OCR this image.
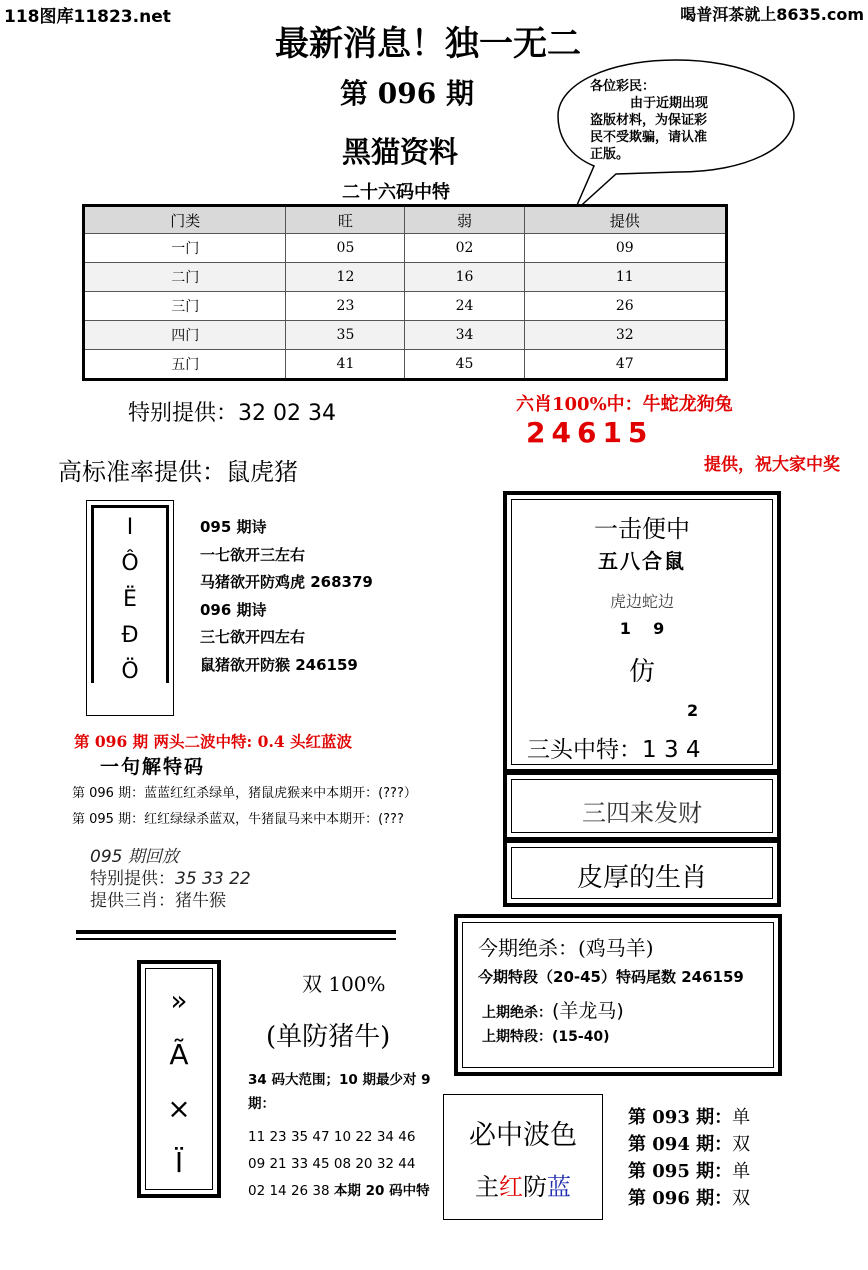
118图库11823.net	喝普洱茶就上8635.com
最新消息！独一无二
第 096 期
黑猫资料
二十六码中特
各位彩民：
由于近期出现
盗版材料，为保证彩
民不受欺骗，请认准
正版。
门类	旺	弱	提供
一门	05	02	09
二门	12	16	11
三门	23	24	26
四门	35	34	32
五门	41	45	47
特别提供：32 02 34	六肖100%中：牛蛇龙狗兔
24615
提供，祝大家中奖
高标准率提供：鼠虎猪
I
Ô
Ë
Ð
Ö
095 期诗
一七欲开三左右
马猪欲开防鸡虎 268379
096 期诗
三七欲开四左右
鼠猪欲开防猴 246159
第 096 期 两头二波中特: 0.4 头红蓝波
一句解特码
第 096 期：蓝蓝红红杀绿单，猪鼠虎猴来中本期开：(???）
第 095 期：红红绿绿杀蓝双，牛猪鼠马来中本期开：(???
095 期回放
特别提供：35 33 22
提供三肖：猪牛猴
一击便中
五八合鼠
虎边蛇边
1    9
仿
2
三头中特：1 3 4
三四来发财
皮厚的生肖
今期绝杀：(鸡马羊)
今期特段（20-45）特码尾数 246159
上期绝杀：(羊龙马)
上期特段：(15-40)
»
Ã
×
Ï
双 100%
(单防猪牛)
34 码大范围；10 期最少对 9 期：
11 23 35 47 10 22 34 46
09 21 33 45 08 20 32 44
02 14 26 38 本期 20 码中特
必中波色
主红防蓝
第 093 期：单
第 094 期：双
第 095 期：单
第 096 期：双
